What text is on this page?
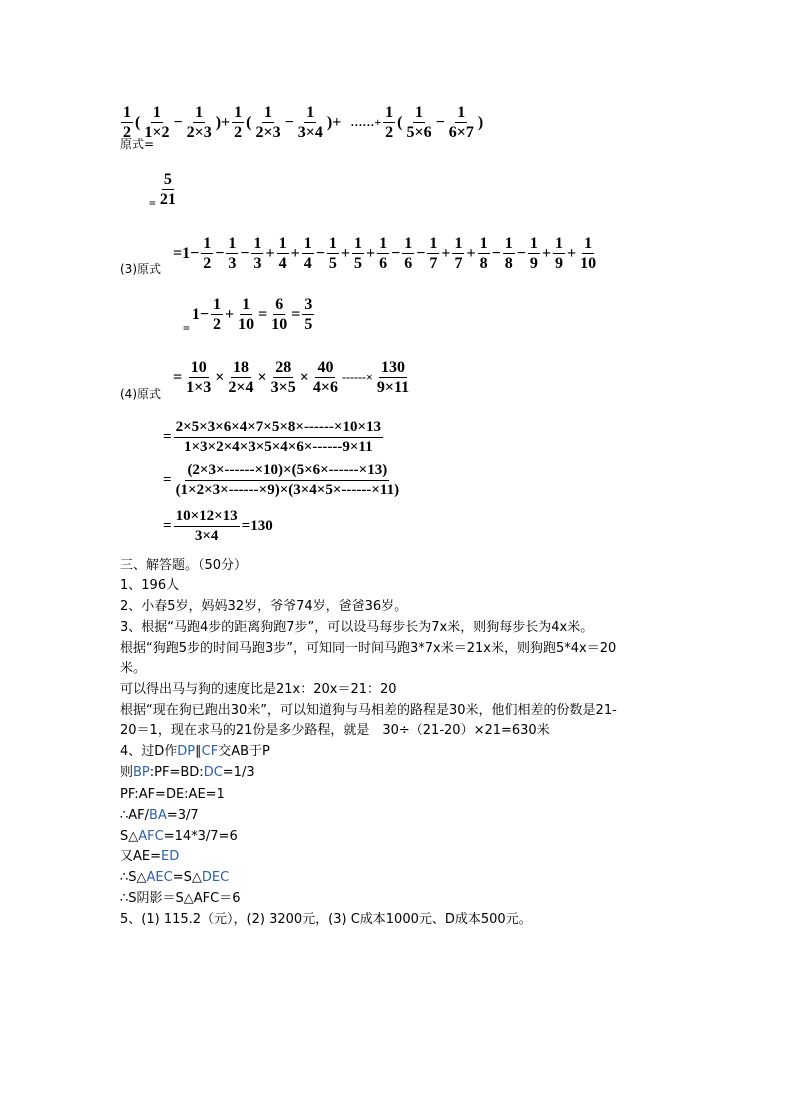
$\frac{1}{2}$ ( $\frac{1}{1\times 2} - \frac{1}{2\times 3}$ )+ $\frac{1}{2}$ ( $\frac{1}{2\times 3} - \frac{1}{3\times 4}$ )+ ……+ $\frac{1}{2}$ ( $\frac{1}{5\times 6} - \frac{1}{6\times 7}$ )
原式=
$_= \frac{5}{21}$
(3)原式
$=1- \frac{1}{2} - \frac{1}{3} - \frac{1}{3} + \frac{1}{4} + \frac{1}{4} - \frac{1}{5} + \frac{1}{5} + \frac{1}{6} - \frac{1}{6} - \frac{1}{7} + \frac{1}{7} + \frac{1}{8} - \frac{1}{8} - \frac{1}{9} + \frac{1}{9} + \frac{1}{10}$
$_=1- \frac{1}{2} + \frac{1}{10} = \frac{6}{10} = \frac{3}{5}$
(4)原式
= $\frac{10}{1\times 3} \times \frac{18}{2\times 4} \times \frac{28}{3\times 5} \times \frac{40}{4\times 6}$ ------× $\frac{130}{9\times 11}$
= $\frac{2\times 5\times 3\times 6\times 4\times 7\times 5\times 8\times------\times 10\times 13}{1\times 3\times 2\times 4\times 3\times 5\times 4\times 6\times------9\times 11}$
= $\frac{(2\times 3\times------\times 10)\times(5\times 6\times------\times 13)}{(1\times 2\times 3\times------\times 9)\times(3\times 4\times 5\times------\times 11)}$
= $\frac{10\times 12\times 13}{3\times 4} =130$
三、解答题。（50分）
1、196人
2、小春5岁，妈妈32岁，爷爷74岁，爸爸36岁。
3、根据“马跑4步的距离狗跑7步”，可以设马每步长为7x米，则狗每步长为4x米。
根据“狗跑5步的时间马跑3步”，可知同一时间马跑3*7x米＝21x米，则狗跑5*4x＝20
米。
可以得出马与狗的速度比是21x：20x＝21：20
根据“现在狗已跑出30米”，可以知道狗与马相差的路程是30米，他们相差的份数是21-
20＝1，现在求马的21份是多少路程，就是　30÷（21-20）×21=630米
4、过D作DP∥CF交AB于P
则BP:PF=BD:DC=1/3
PF:AF=DE:AE=1
∴AF/BA=3/7
S△AFC=14*3/7=6
又AE=ED
∴S△AEC=S△DEC
∴S阴影＝S△AFC＝6
5、(1) 115.2（元），(2) 3200元，(3) C成本1000元、D成本500元。
